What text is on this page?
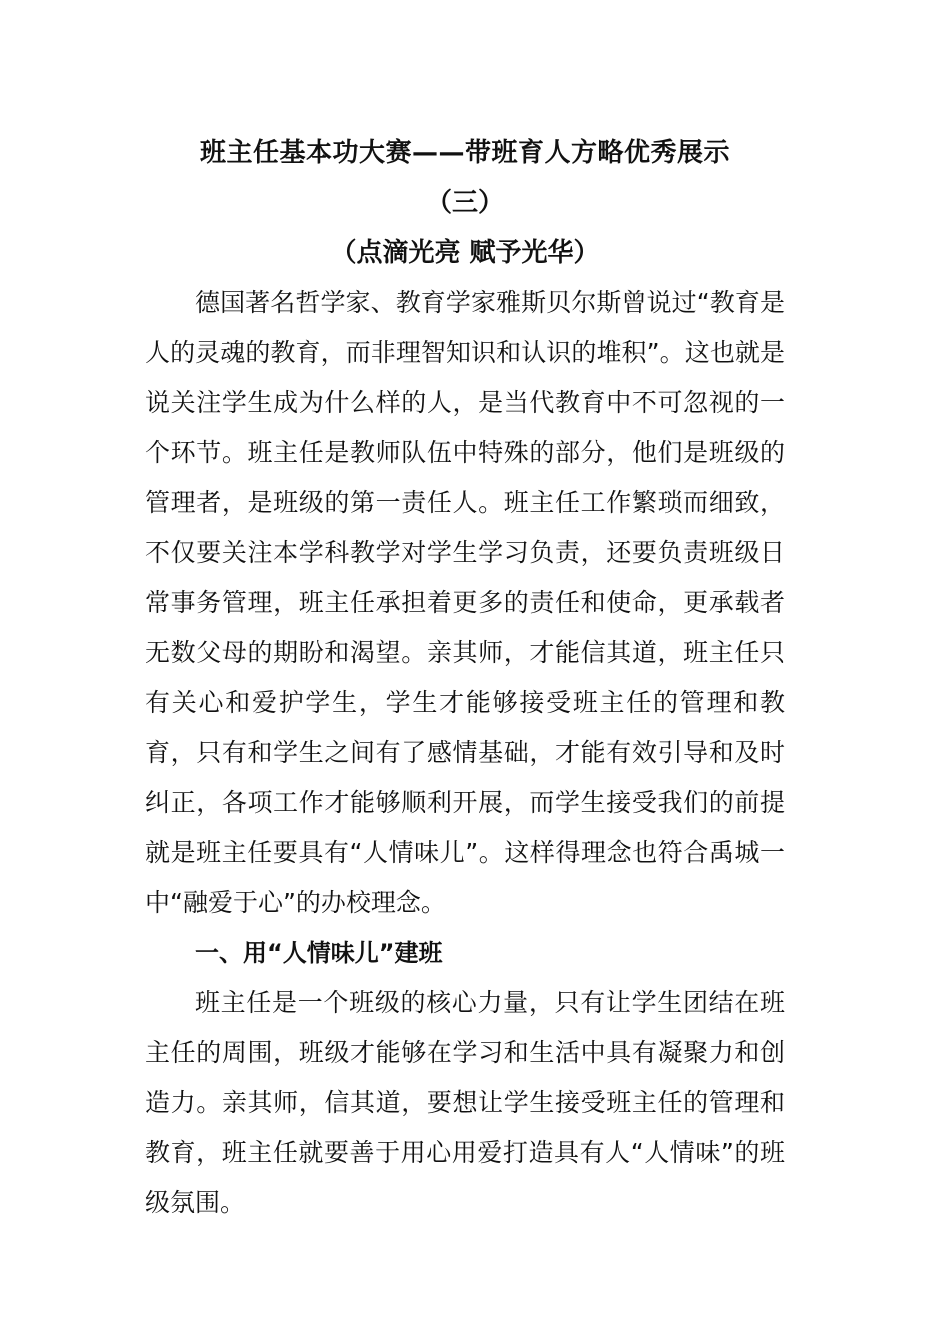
班主任基本功大赛——带班育人方略优秀展示
（三）
（点滴光亮 赋予光华）

德国著名哲学家、教育学家雅斯贝尔斯曾说过“教育是人的灵魂的教育，而非理智知识和认识的堆积”。这也就是说关注学生成为什么样的人，是当代教育中不可忽视的一个环节。班主任是教师队伍中特殊的部分，他们是班级的管理者，是班级的第一责任人。班主任工作繁琐而细致，不仅要关注本学科教学对学生学习负责，还要负责班级日常事务管理，班主任承担着更多的责任和使命，更承载者无数父母的期盼和渴望。亲其师，才能信其道，班主任只有关心和爱护学生，学生才能够接受班主任的管理和教育，只有和学生之间有了感情基础，才能有效引导和及时纠正，各项工作才能够顺利开展，而学生接受我们的前提就是班主任要具有“人情味儿”。这样得理念也符合禹城一中“融爱于心”的办校理念。

一、用“人情味儿”建班

班主任是一个班级的核心力量，只有让学生团结在班主任的周围，班级才能够在学习和生活中具有凝聚力和创造力。亲其师，信其道，要想让学生接受班主任的管理和教育，班主任就要善于用心用爱打造具有人“人情味”的班级氛围。
